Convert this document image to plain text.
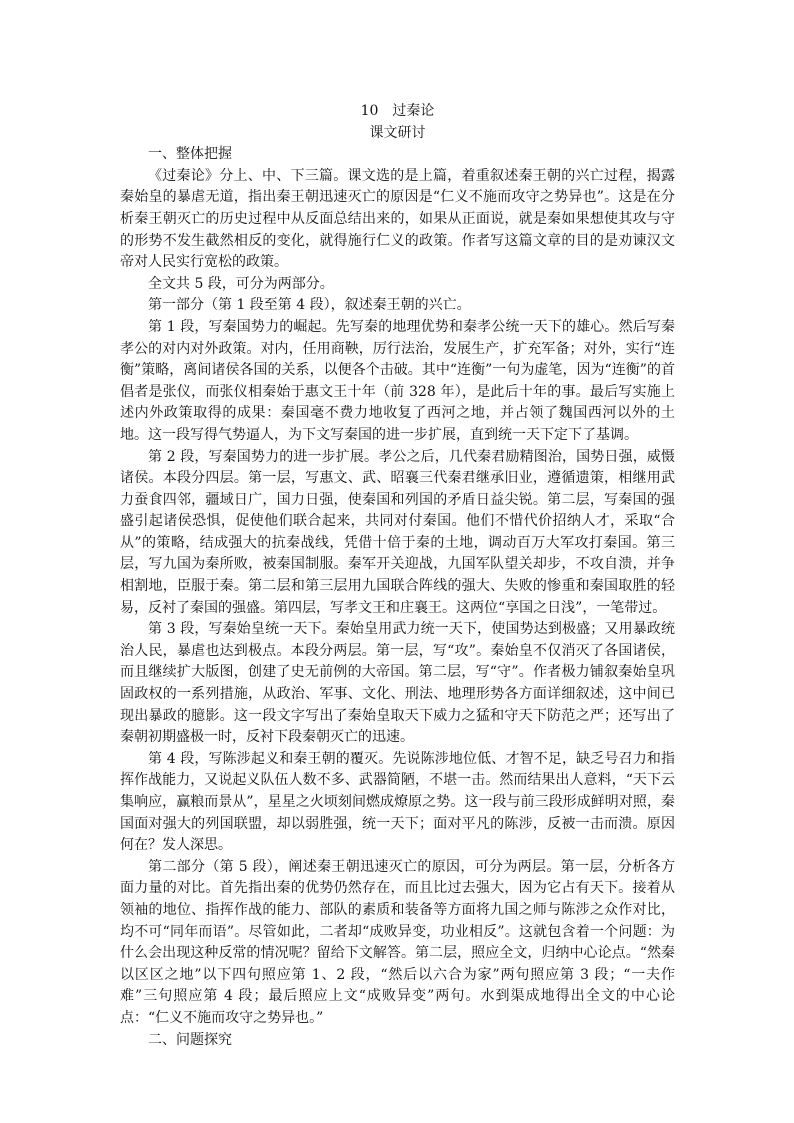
10　过秦论
课文研讨

一、整体把握

《过秦论》分上、中、下三篇。课文选的是上篇，着重叙述秦王朝的兴亡过程，揭露秦始皇的暴虐无道，指出秦王朝迅速灭亡的原因是“仁义不施而攻守之势异也”。这是在分析秦王朝灭亡的历史过程中从反面总结出来的，如果从正面说，就是秦如果想使其攻与守的形势不发生截然相反的变化，就得施行仁义的政策。作者写这篇文章的目的是劝谏汉文帝对人民实行宽松的政策。

全文共 5 段，可分为两部分。

第一部分（第 1 段至第 4 段），叙述秦王朝的兴亡。

第 1 段，写秦国势力的崛起。先写秦的地理优势和秦孝公统一天下的雄心。然后写秦孝公的对内对外政策。对内，任用商鞅，厉行法治，发展生产，扩充军备；对外，实行“连衡”策略，离间诸侯各国的关系，以便各个击破。其中“连衡”一句为虚笔，因为“连衡”的首倡者是张仪，而张仪相秦始于惠文王十年（前 328 年），是此后十年的事。最后写实施上述内外政策取得的成果：秦国毫不费力地收复了西河之地，并占领了魏国西河以外的土地。这一段写得气势逼人，为下文写秦国的进一步扩展，直到统一天下定下了基调。

第 2 段，写秦国势力的进一步扩展。孝公之后，几代秦君励精图治，国势日强，威慑诸侯。本段分四层。第一层，写惠文、武、昭襄三代秦君继承旧业，遵循遗策，相继用武力蚕食四邻，疆域日广，国力日强，使秦国和列国的矛盾日益尖锐。第二层，写秦国的强盛引起诸侯恐惧，促使他们联合起来，共同对付秦国。他们不惜代价招纳人才，采取“合从”的策略，结成强大的抗秦战线，凭借十倍于秦的土地，调动百万大军攻打秦国。第三层，写九国为秦所败，被秦国制服。秦军开关迎战，九国军队望关却步，不攻自溃，并争相割地，臣服于秦。第二层和第三层用九国联合阵线的强大、失败的惨重和秦国取胜的轻易，反衬了秦国的强盛。第四层，写孝文王和庄襄王。这两位“享国之日浅”，一笔带过。

第 3 段，写秦始皇统一天下。秦始皇用武力统一天下，使国势达到极盛；又用暴政统治人民，暴虐也达到极点。本段分两层。第一层，写“攻”。秦始皇不仅消灭了各国诸侯，而且继续扩大版图，创建了史无前例的大帝国。第二层，写“守”。作者极力铺叙秦始皇巩固政权的一系列措施，从政治、军事、文化、刑法、地理形势各方面详细叙述，这中间已现出暴政的臆影。这一段文字写出了秦始皇取天下威力之猛和守天下防范之严；还写出了秦朝初期盛极一时，反衬下段秦朝灭亡的迅速。

第 4 段，写陈涉起义和秦王朝的覆灭。先说陈涉地位低、才智不足，缺乏号召力和指挥作战能力，又说起义队伍人数不多、武器简陋，不堪一击。然而结果出人意料，“天下云集响应，赢粮而景从”，星星之火顷刻间燃成燎原之势。这一段与前三段形成鲜明对照，秦国面对强大的列国联盟，却以弱胜强，统一天下；面对平凡的陈涉，反被一击而溃。原因何在？发人深思。

第二部分（第 5 段），阐述秦王朝迅速灭亡的原因，可分为两层。第一层，分析各方面力量的对比。首先指出秦的优势仍然存在，而且比过去强大，因为它占有天下。接着从领袖的地位、指挥作战的能力、部队的素质和装备等方面将九国之师与陈涉之众作对比，均不可“同年而语”。尽管如此，二者却“成败异变，功业相反”。这就包含着一个问题：为什么会出现这种反常的情况呢？留给下文解答。第二层，照应全文，归纳中心论点。“然秦以区区之地”以下四句照应第 1、2 段，“然后以六合为家”两句照应第 3 段；“一夫作难”三句照应第 4 段；最后照应上文“成败异变”两句。水到渠成地得出全文的中心论点：“仁义不施而攻守之势异也。”

二、问题探究
